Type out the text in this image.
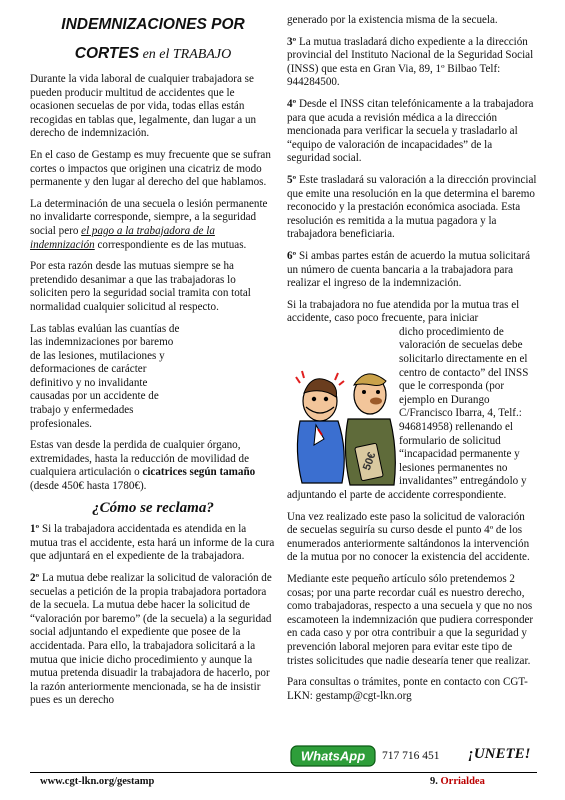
INDEMNIZACIONES POR

CORTES en el TRABAJO

Durante la vida laboral de cualquier trabajadora se pueden producir multitud de accidentes que le ocasionen secuelas de por vida, todas ellas están recogidas en tablas que, legalmente, dan lugar a un derecho de indemnización.

En el caso de Gestamp es muy frecuente que se sufran cortes o impactos que originen una cicatriz de modo permanente y den lugar al derecho del que hablamos.

La determinación de una secuela o lesión permanente no invalidarte corresponde, siempre, a la seguridad social pero el pago a la trabajadora de la indemnización correspondiente es de las mutuas.

Por esta razón desde las mutuas siempre se ha pretendido desanimar a que las trabajadoras lo soliciten pero la seguridad social tramita con total normalidad cualquier solicitud al respecto.

Las tablas evalúan las cuantías de las indemnizaciones por baremo de las lesiones, mutilaciones y deformaciones de carácter definitivo y no invalidante causadas por un accidente de trabajo y enfermedades profesionales.

Estas van desde la perdida de cualquier órgano, extremidades, hasta la reducción de movilidad de cualquiera articulación o cicatrices según tamaño (desde 450€ hasta 1780€).

¿Cómo se reclama?

1º Si la trabajadora accidentada es atendida en la mutua tras el accidente, esta hará un informe de la cura que adjuntará en el expediente de la trabajadora.

2º La mutua debe realizar la solicitud de valoración de secuelas a petición de la propia trabajadora portadora de la secuela. La mutua debe hacer la solicitud de “valoración por baremo” (de la secuela) a la seguridad social adjuntando el expediente que posee de la accidentada. Para ello, la trabajadora solicitará a la mutua que inicie dicho procedimiento y aunque la mutua pretenda disuadir la trabajadora de hacerlo, por la razón anteriormente mencionada, se ha de insistir pues es un derecho

generado por la existencia misma de la secuela.

3º La mutua trasladará dicho expediente a la dirección provincial del Instituto Nacional de la Seguridad Social (INSS) que esta en Gran Via, 89, 1º Bilbao Telf: 944284500.

4º Desde el INSS citan telefónicamente a la trabajadora para que acuda a revisión médica a la dirección mencionada para verificar la secuela y trasladarlo al “equipo de valoración de incapacidades” de la seguridad social.

5º Este trasladará su valoración a la dirección provincial que emite una resolución en la que determina el baremo reconocido y la prestación económica asociada. Esta resolución es remitida a la mutua pagadora y la trabajadora beneficiaria.

6º Si ambas partes están de acuerdo la mutua solicitará un número de cuenta bancaria a la trabajadora para realizar el ingreso de la indemnización.

Si la trabajadora no fue atendida por la mutua tras el accidente, caso poco frecuente, para iniciar

dicho procedimiento de valoración de secuelas debe solicitarlo directamente en el centro de contacto” del INSS que le corresponda (por ejemplo en Durango C/Francisco Ibarra, 4, Telf.: 946814958) rellenando el formulario de solicitud “incapacidad permanente y lesiones permanentes no invalidantes” entregándolo y

adjuntando el parte de accidente correspondiente.

Una vez realizado este paso la solicitud de valoración de secuelas seguiría su curso desde el punto 4º de los enumerados anteriormente saltándonos la intervención de la mutua por no conocer la existencia del accidente.

Mediante este pequeño artículo sólo pretendemos 2 cosas; por una parte recordar cuál es nuestro derecho, como trabajadoras, respecto a una secuela y que no nos escamoteen la indemnización que pudiera corresponder en cada caso y por otra contribuir a que la seguridad y prevención laboral mejoren para evitar este tipo de tristes solicitudes que nadie desearía tener que realizar.

Para consultas o trámites, ponte en contacto con CGT-LKN: gestamp@cgt-lkn.org

50€
WhatsApp 717 716 451 ¡UNETE!
www.cgt-lkn.org/gestamp	9. Orrialdea
